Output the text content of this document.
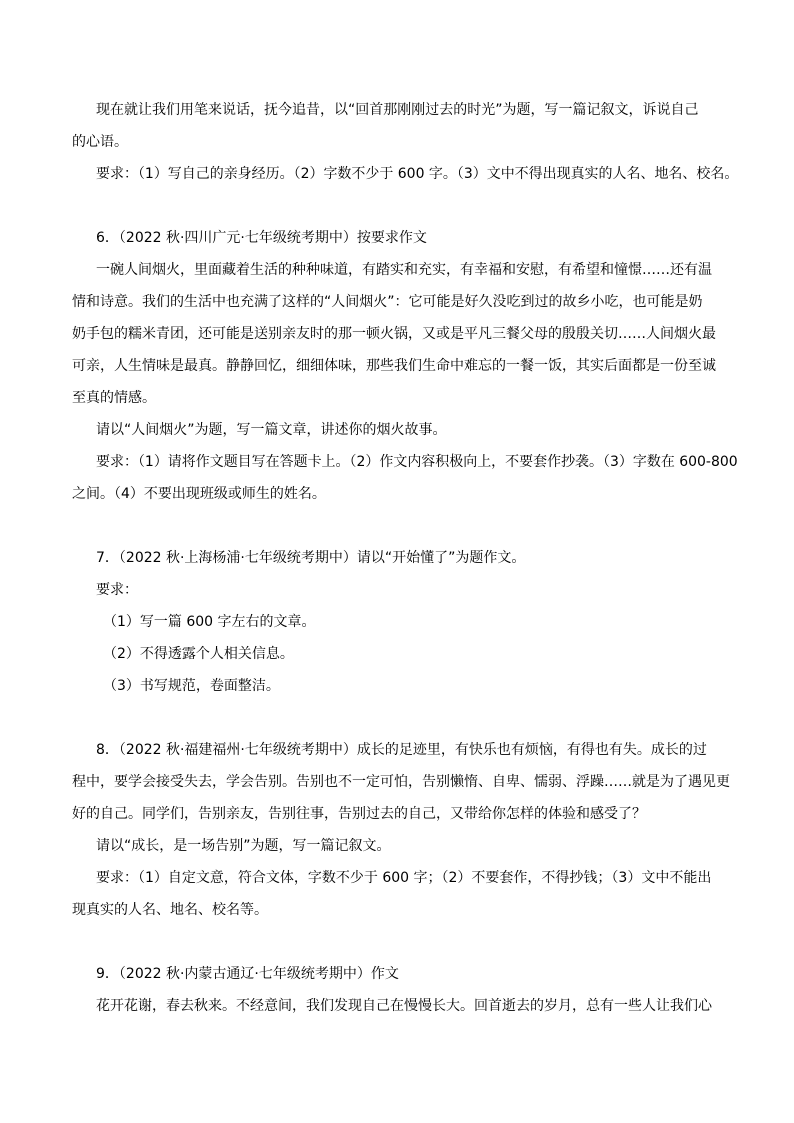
现在就让我们用笔来说话，抚今追昔，以“回首那刚刚过去的时光”为题，写一篇记叙文，诉说自己
的心语。
要求：（1）写自己的亲身经历。（2）字数不少于 600 字。（3）文中不得出现真实的人名、地名、校名。
6．（2022 秋·四川广元·七年级统考期中）按要求作文
一碗人间烟火，里面藏着生活的种种味道，有踏实和充实，有幸福和安慰，有希望和憧憬……还有温
情和诗意。我们的生活中也充满了这样的“人间烟火”：它可能是好久没吃到过的故乡小吃，也可能是奶
奶手包的糯米青团，还可能是送别亲友时的那一顿火锅，又或是平凡三餐父母的殷殷关切……人间烟火最
可亲，人生情味是最真。静静回忆，细细体味，那些我们生命中难忘的一餐一饭，其实后面都是一份至诚
至真的情感。
请以“人间烟火”为题，写一篇文章，讲述你的烟火故事。
要求：（1）请将作文题目写在答题卡上。（2）作文内容积极向上，不要套作抄袭。（3）字数在 600-800
之间。（4）不要出现班级或师生的姓名。
7．（2022 秋·上海杨浦·七年级统考期中）请以“开始懂了”为题作文。
要求：
（1）写一篇 600 字左右的文章。
（2）不得透露个人相关信息。
（3）书写规范，卷面整洁。
8．（2022 秋·福建福州·七年级统考期中）成长的足迹里，有快乐也有烦恼，有得也有失。成长的过
程中，要学会接受失去，学会告别。告别也不一定可怕，告别懒惰、自卑、懦弱、浮躁……就是为了遇见更
好的自己。同学们，告别亲友，告别往事，告别过去的自己，又带给你怎样的体验和感受了？
请以“成长，是一场告别”为题，写一篇记叙文。
要求：（1）自定文意，符合文体，字数不少于 600 字；（2）不要套作，不得抄钱；（3）文中不能出
现真实的人名、地名、校名等。
9．（2022 秋·内蒙古通辽·七年级统考期中）作文
花开花谢，春去秋来。不经意间，我们发现自己在慢慢长大。回首逝去的岁月，总有一些人让我们心
